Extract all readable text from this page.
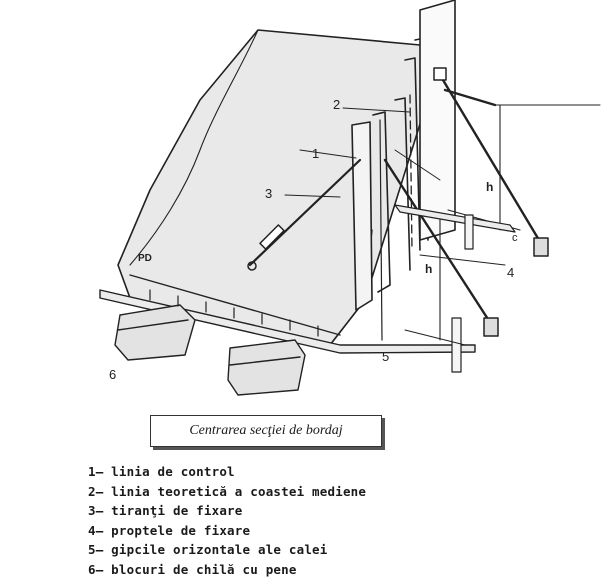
2
1
3
4
5
6
h
h
PD
c
Centrarea secţiei de bordaj
1– linia de control
2– linia teoretică a coastei mediene
3– tiranţi de fixare
4– proptele de fixare
5– gipcile orizontale ale calei
6– blocuri de chilă cu pene
